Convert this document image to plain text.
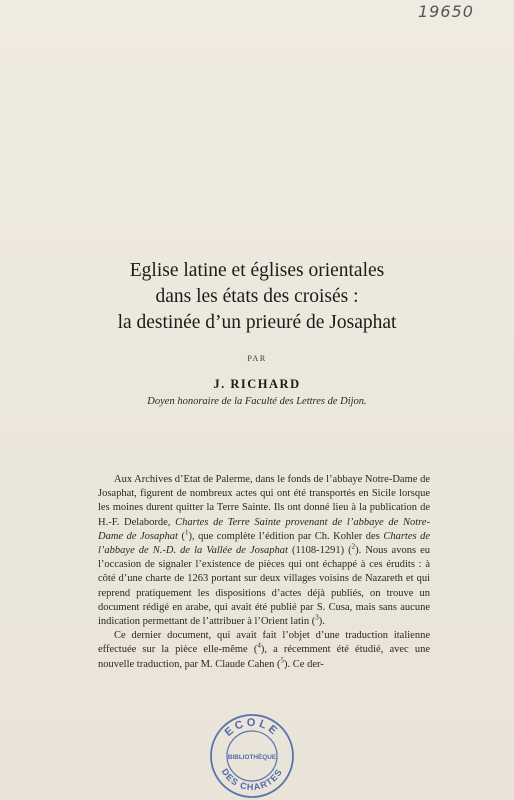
19650
Eglise latine et églises orientales
dans les états des croisés :
la destinée d’un prieuré de Josaphat
PAR
J. RICHARD
Doyen honoraire de la Faculté des Lettres de Dijon.

Aux Archives d’Etat de Palerme, dans le fonds de l’abbaye Notre-Dame de Josaphat, figurent de nombreux actes qui ont été transportés en Sicile lorsque les moines durent quitter la Terre Sainte. Ils ont donné lieu à la publication de H.-F. Delaborde, Chartes de Terre Sainte provenant de l’abbaye de Notre-Dame de Josaphat ($^1$), que complète l’édition par Ch. Kohler des Chartes de l’abbaye de N.-D. de la Vallée de Josaphat (1108-1291) ($^2$). Nous avons eu l’occasion de signaler l’existence de pièces qui ont échappé à ces érudits : à côté d’une charte de 1263 portant sur deux villages voisins de Nazareth et qui reprend pratiquement les dispositions d’actes déjà publiés, on trouve un document rédigé en arabe, qui avait été publié par S. Cusa, mais sans aucune indication permettant de l’attribuer à l’Orient latin ($^3$).

Ce dernier document, qui avait fait l’objet d’une traduction italienne effectuée sur la pièce elle-même ($^4$), a récemment été étudié, avec une nouvelle traduction, par M. Claude Cahen ($^5$). Ce der-

ECOLE
BIBLIOTHÈQUE
DES CHARTES
